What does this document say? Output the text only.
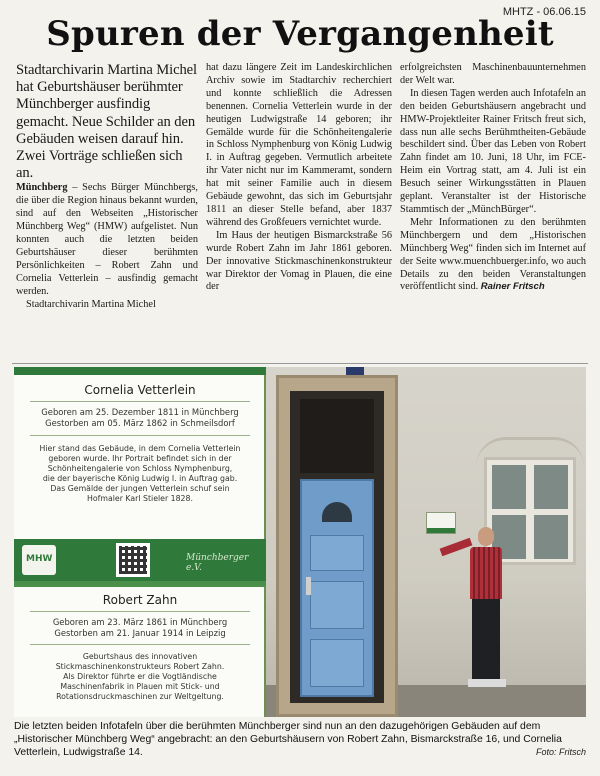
MHTZ - 06.06.15
Spuren der Vergangenheit

Stadtarchivarin Martina Michel hat Geburtshäuser berühmter Münchberger ausfindig gemacht. Neue Schilder an den Gebäuden weisen darauf hin. Zwei Vorträge schließen sich an.

Münchberg – Sechs Bürger Münchbergs, die über die Region hinaus bekannt wurden, sind auf den Webseiten „Historischer Münchberg Weg“ (HMW) aufgelistet. Nun konnten auch die letzten beiden Geburtshäuser dieser berühmten Persönlichkeiten – Robert Zahn und Cornelia Vetterlein – ausfindig gemacht werden.

Stadtarchivarin Martina Michel

hat dazu längere Zeit im Landeskirchlichen Archiv sowie im Stadtarchiv recherchiert und konnte schließlich die Adressen benennen. Cornelia Vetterlein wurde in der heutigen Ludwigstraße 14 geboren; ihr Gemälde wurde für die Schönheitengalerie in Schloss Nymphenburg von König Ludwig I. in Auftrag gegeben. Vermutlich arbeitete ihr Vater nicht nur im Kammeramt, sondern hat mit seiner Familie auch in diesem Gebäude gewohnt, das sich im Geburtsjahr 1811 an dieser Stelle befand, aber 1837 während des Großfeuers vernichtet wurde.

Im Haus der heutigen Bismarckstraße 56 wurde Robert Zahn im Jahr 1861 geboren. Der innovative Stickmaschinenkonstrukteur war Direktor der Vomag in Plauen, die eine der

erfolgreichsten Maschinenbauunternehmen der Welt war.

In diesen Tagen werden auch Infotafeln an den beiden Geburtshäusern angebracht und HMW-Projektleiter Rainer Fritsch freut sich, dass nun alle sechs Berühmtheiten-Gebäude beschildert sind. Über das Leben von Robert Zahn findet am 10. Juni, 18 Uhr, im FCE-Heim ein Vortrag statt, am 4. Juli ist ein Besuch seiner Wirkungsstätten in Plauen geplant. Veranstalter ist der Historische Stammtisch der „MünchBürger“.

Mehr Informationen zu den berühmten Münchbergern und dem „Historischen Münchberg Weg“ finden sich im Internet auf der Seite www.muenchbuerger.info, wo auch Details zu den beiden Veranstaltungen veröffentlicht sind. Rainer Fritsch

Cornelia Vetterlein
Geboren am 25. Dezember 1811 in Münchberg
Gestorben am 05. März 1862 in Schmeilsdorf
Hier stand das Gebäude, in dem Cornelia Vetterlein
geboren wurde. Ihr Portrait befindet sich in der
Schönheitengalerie von Schloss Nymphenburg,
die der bayerische König Ludwig I. in Auftrag gab.
Das Gemälde der jungen Vetterlein schuf sein
Hofmaler Karl Stieler 1828.
MHW	Münchberger e.V.
Robert Zahn
Geboren am 23. März 1861 in Münchberg
Gestorben am 21. Januar 1914 in Leipzig
Geburtshaus des innovativen
Stickmaschinenkonstrukteurs Robert Zahn.
Als Direktor führte er die Vogtländische
Maschinenfabrik in Plauen mit Stick- und
Rotationsdruckmaschinen zur Weltgeltung.
Die letzten beiden Infotafeln über die berühmten Münchberger sind nun an den dazugehörigen Gebäuden auf dem „Historischer Münchberg Weg“ angebracht: an den Geburtshäusern von Robert Zahn, Bismarckstraße 16, und Cornelia Vetterlein, Ludwigstraße 14.	Foto: Fritsch
